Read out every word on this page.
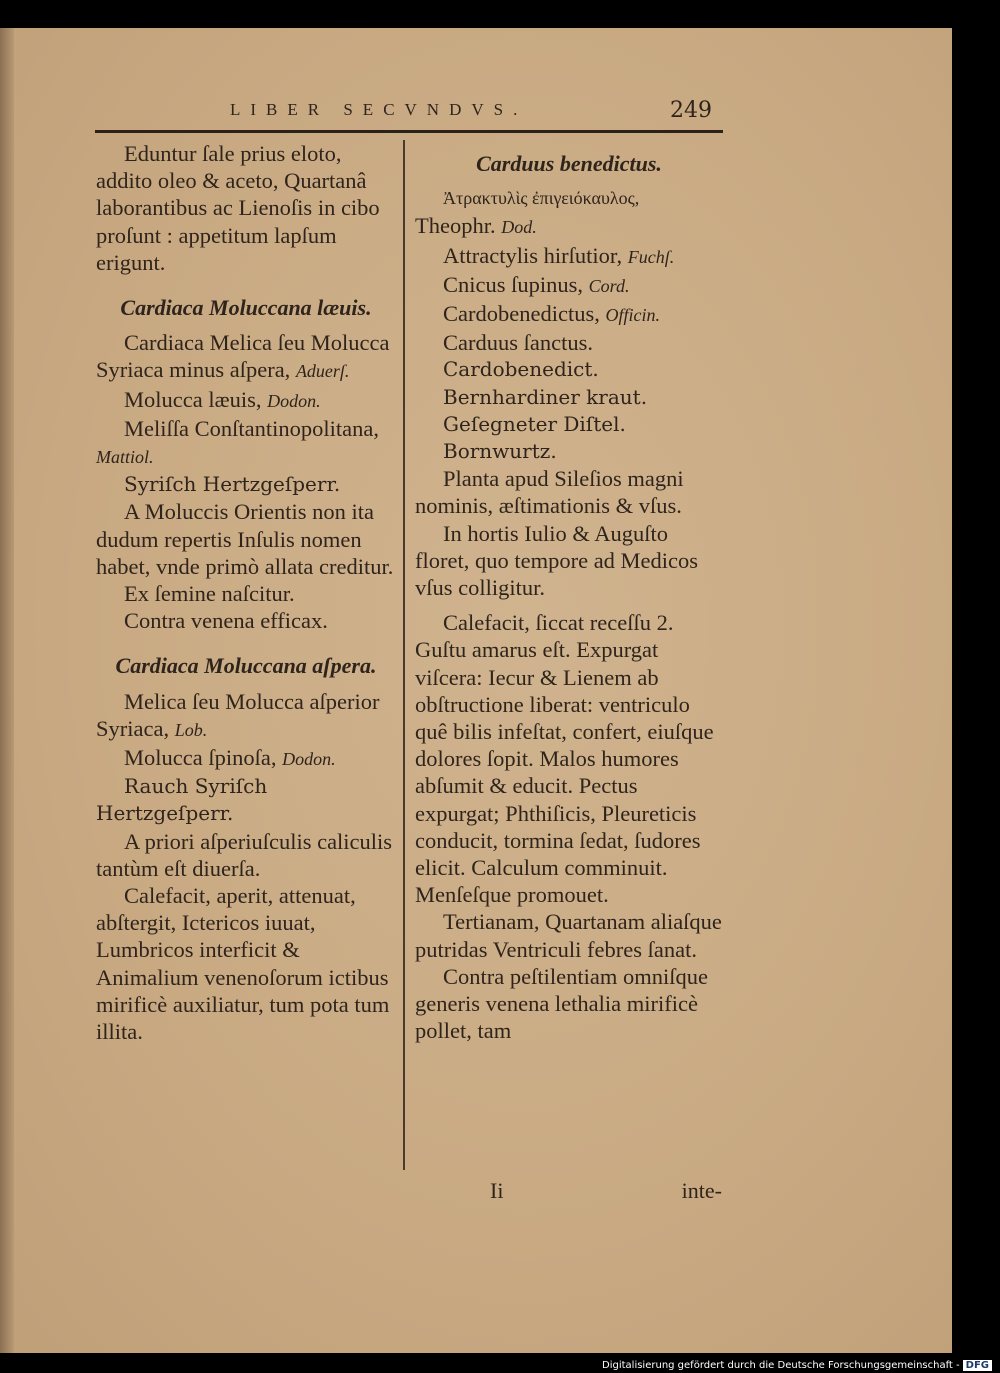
LIBER SECVNDVS.	249

Eduntur ſale prius eloto, addito oleo & aceto, Quartanâ laborantibus ac Lienoſis in cibo proſunt : appetitum lapſum erigunt.

Cardiaca Moluccana læuis.

Cardiaca Melica ſeu Molucca Syriaca minus aſpera, Aduerſ.

Molucca læuis, Dodon.

Meliſſa Conſtantinopolitana, Mattiol.

Syriſch Hertzgeſperr.

A Moluccis Orientis non ita dudum repertis Inſulis nomen habet, vnde primò allata creditur.

Ex ſemine naſcitur.

Contra venena efficax.

Cardiaca Moluccana aſpera.

Melica ſeu Molucca aſperior Syriaca, Lob.

Molucca ſpinoſa, Dodon.

Rauch Syriſch Hertzgeſperr.

A priori aſperiuſculis caliculis tantùm eſt diuerſa.

Calefacit, aperit, attenuat, abſtergit, Ictericos iuuat, Lumbricos interficit & Animalium venenoſorum ictibus mirificè auxiliatur, tum pota tum illita.

Carduus benedictus.

Ἀτρακτυλὶς ἐπιγειόκαυλος,

Theophr. Dod.

Attractylis hirſutior, Fuchſ.

Cnicus ſupinus, Cord.

Cardobenedictus, Officin.

Carduus ſanctus.

Cardobenedict.

Bernhardiner kraut.

Geſegneter Diſtel.

Bornwurtz.

Planta apud Sileſios magni nominis, æſtimationis & vſus.

In hortis Iulio & Auguſto floret, quo tempore ad Medicos vſus colligitur.

Calefacit, ſiccat receſſu 2. Guſtu amarus eſt. Expurgat viſcera: Iecur & Lienem ab obſtructione liberat: ventriculo quê bilis infeſtat, confert, eiuſque dolores ſopit. Malos humores abſumit & educit. Pectus expurgat; Phthiſicis, Pleureticis conducit, tormina ſedat, ſudores elicit. Calculum comminuit. Menſeſque promouet.

Tertianam, Quartanam aliaſque putridas Ventriculi febres ſanat.

Contra peſtilentiam omniſque generis venena lethalia mirificè pollet, tam

Ii	inte-
Digitalisierung gefördert durch die Deutsche Forschungsgemeinschaft - DFG
